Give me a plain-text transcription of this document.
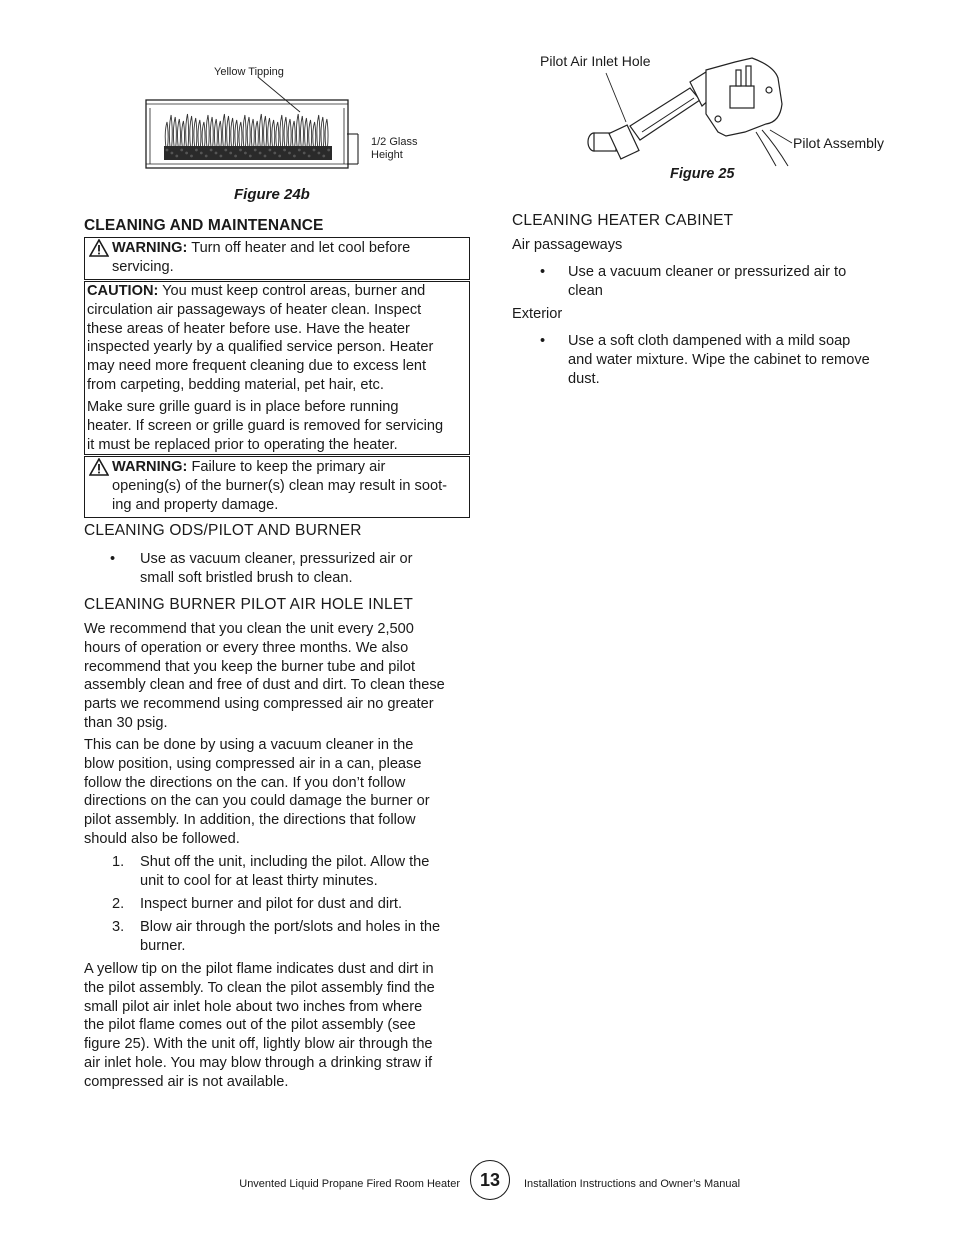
Yellow Tipping
1/2 Glass
Height
Figure 24b
Pilot Air Inlet Hole
Pilot Assembly
Figure 25
CLEANING AND MAINTENANCE
WARNING: Turn off heater and let cool before
servicing.
CAUTION: You must keep control areas, burner and

circulation air passageways of heater clean. Inspect

these areas of heater before use. Have the heater

inspected yearly by a qualified service person. Heater

may need more frequent cleaning due to excess lent

from carpeting, bedding material, pet hair, etc.

Make sure grille guard is in place before running

heater. If screen or grille guard is removed for servicing

it must be replaced prior to operating the heater.

WARNING: Failure to keep the primary air
opening(s) of the burner(s) clean may result in soot-
ing and property damage.
CLEANING ODS/PILOT AND BURNER
• Use as vacuum cleaner, pressurized air or

small soft bristled brush to clean.

CLEANING BURNER PILOT AIR HOLE INLET

We recommend that you clean the unit every 2,500

hours of operation or every three months. We also

recommend that you keep the burner tube and pilot

assembly clean and free of dust and dirt. To clean these

parts we recommend using compressed air no greater

than 30 psig.

This can be done by using a vacuum cleaner in the

blow position, using compressed air in a can, please

follow the directions on the can. If you don’t follow

directions on the can you could damage the burner or

pilot assembly. In addition, the directions that follow

should also be followed.

1. Shut off the unit, including the pilot. Allow the

unit to cool for at least thirty minutes.

2. Inspect burner and pilot for dust and dirt.

3. Blow air through the port/slots and holes in the

burner.

A yellow tip on the pilot flame indicates dust and dirt in

the pilot assembly. To clean the pilot assembly find the

small pilot air inlet hole about two inches from where

the pilot flame comes out of the pilot assembly (see

figure 25). With the unit off, lightly blow air through the

air inlet hole. You may blow through a drinking straw if

compressed air is not available.

CLEANING HEATER CABINET
Air passageways
• Use a vacuum cleaner or pressurized air to

clean

Exterior
• Use a soft cloth dampened with a mild soap

and water mixture. Wipe the cabinet to remove

dust.

Unvented Liquid Propane Fired Room Heater	13	Installation Instructions and Owner’s Manual
